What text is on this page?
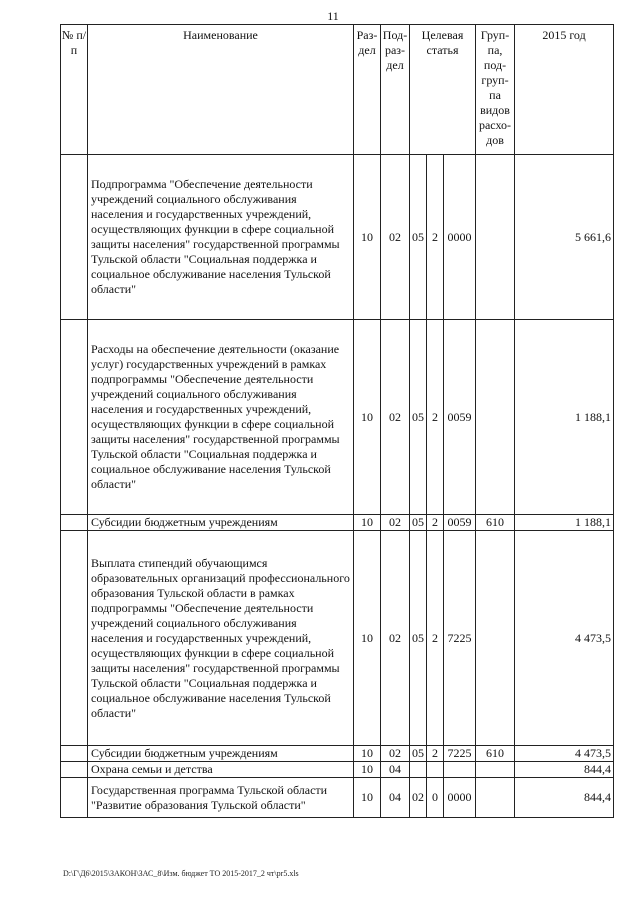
11
№ п/п	Наименование	Раз-дел	Под-раз-дел	Целевая статья			Груп-па, под-груп-па видов расхо-дов	2015 год
	Подпрограмма "Обеспечение деятельности учреждений социального обслуживания населения и государственных учреждений, осуществляющих функции в сфере социальной защиты населения" государственной программы Тульской области "Социальная поддержка и социальное обслуживание населения Тульской области"	10	02	05	2	0000		5 661,6
	Расходы на обеспечение деятельности (оказание услуг) государственных учреждений в рамках подпрограммы "Обеспечение деятельности учреждений социального обслуживания населения и государственных учреждений, осуществляющих функции в сфере социальной защиты населения" государственной программы Тульской области "Социальная поддержка и социальное обслуживание населения Тульской области"	10	02	05	2	0059		1 188,1
	Субсидии бюджетным учреждениям	10	02	05	2	0059	610	1 188,1
	Выплата стипендий обучающимся образовательных организаций профессионального образования Тульской области в рамках подпрограммы "Обеспечение деятельности учреждений социального обслуживания населения и государственных учреждений, осуществляющих функции в сфере социальной защиты населения" государственной программы Тульской области "Социальная поддержка и социальное обслуживание населения Тульской области"	10	02	05	2	7225		4 473,5
	Субсидии бюджетным учреждениям	10	02	05	2	7225	610	4 473,5
	Охрана семьи и детства	10	04					844,4
	Государственная программа Тульской области "Развитие образования Тульской области"	10	04	02	0	0000		844,4
D:\Г\Д6\2015\ЗАКОН\ЗАС_8\Изм. бюджет ТО 2015-2017_2 чт\pr5.xls
